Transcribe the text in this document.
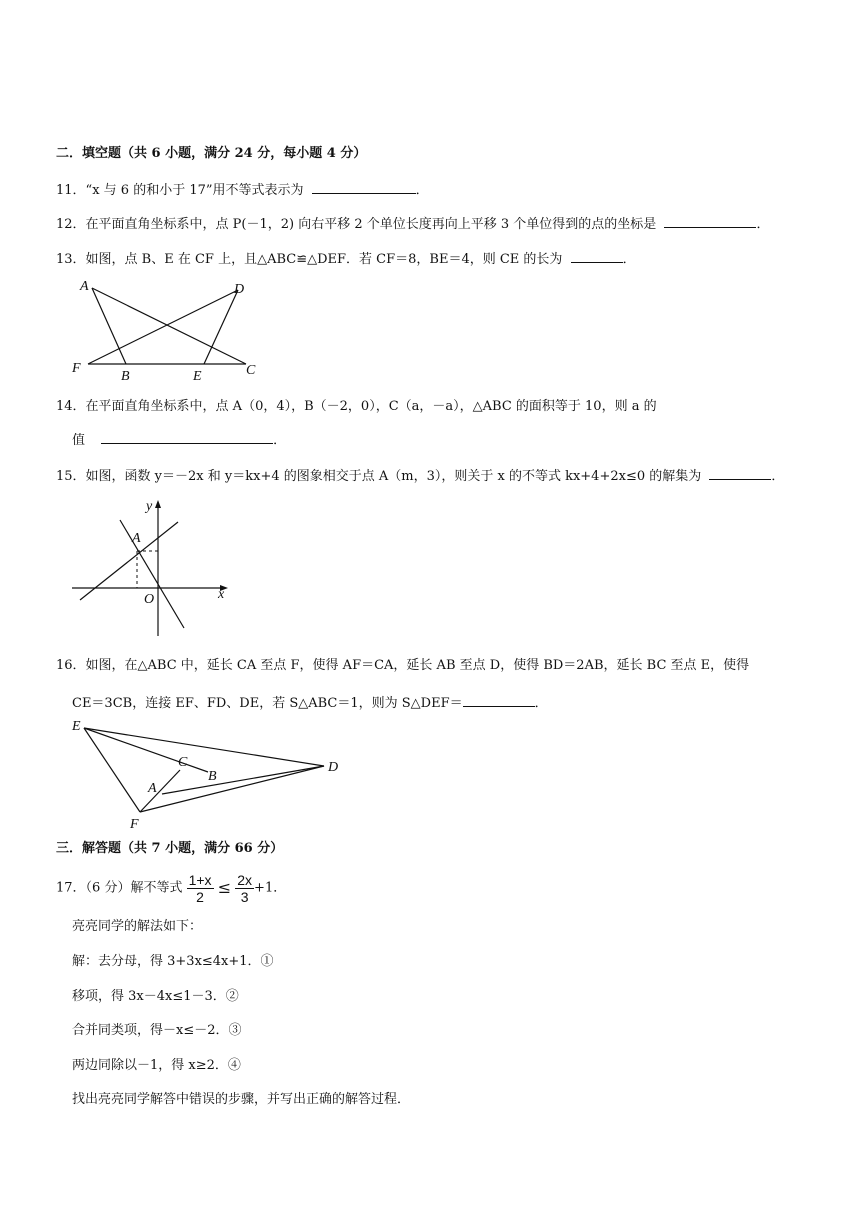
二．填空题（共 6 小题，满分 24 分，每小题 4 分）
11．“x 与 6 的和小于 17”用不等式表示为	．
12．在平面直角坐标系中，点 P(－1，2) 向右平移 2 个单位长度再向上平移 3 个单位得到的点的坐标是	．
13．如图，点 B、E 在 CF 上，且△ABC≌△DEF．若 CF＝8，BE＝4，则 CE 的长为	．
A	D
F
B	E	C
14．在平面直角坐标系中，点 A（0，4），B（－2，0），C（a，－a），△ABC 的面积等于 10，则 a 的
值	．
15．如图，函数 y＝－2x 和 y＝kx+4 的图象相交于点 A（m，3），则关于 x 的不等式 kx+4+2x≤0 的解集为	．
y
x
A
O
16．如图，在△ABC 中，延长 CA 至点 F，使得 AF＝CA，延长 AB 至点 D，使得 BD＝2AB，延长 BC 至点 E，使得
CE＝3CB，连接 EF、FD、DE，若 S△ABC＝1，则为 S△DEF＝	．
E
C
B
A
D
F
三．解答题（共 7 小题，满分 66 分）
17．（6 分）解不等式 $\frac{1+x}{2} \le \frac{2x}{3} +1$．
亮亮同学的解法如下：
解：去分母，得 3+3x≤4x+1．①
移项，得 3x－4x≤1－3．②
合并同类项，得－x≤－2．③
两边同除以－1，得 x≥2．④
找出亮亮同学解答中错误的步骤，并写出正确的解答过程．
